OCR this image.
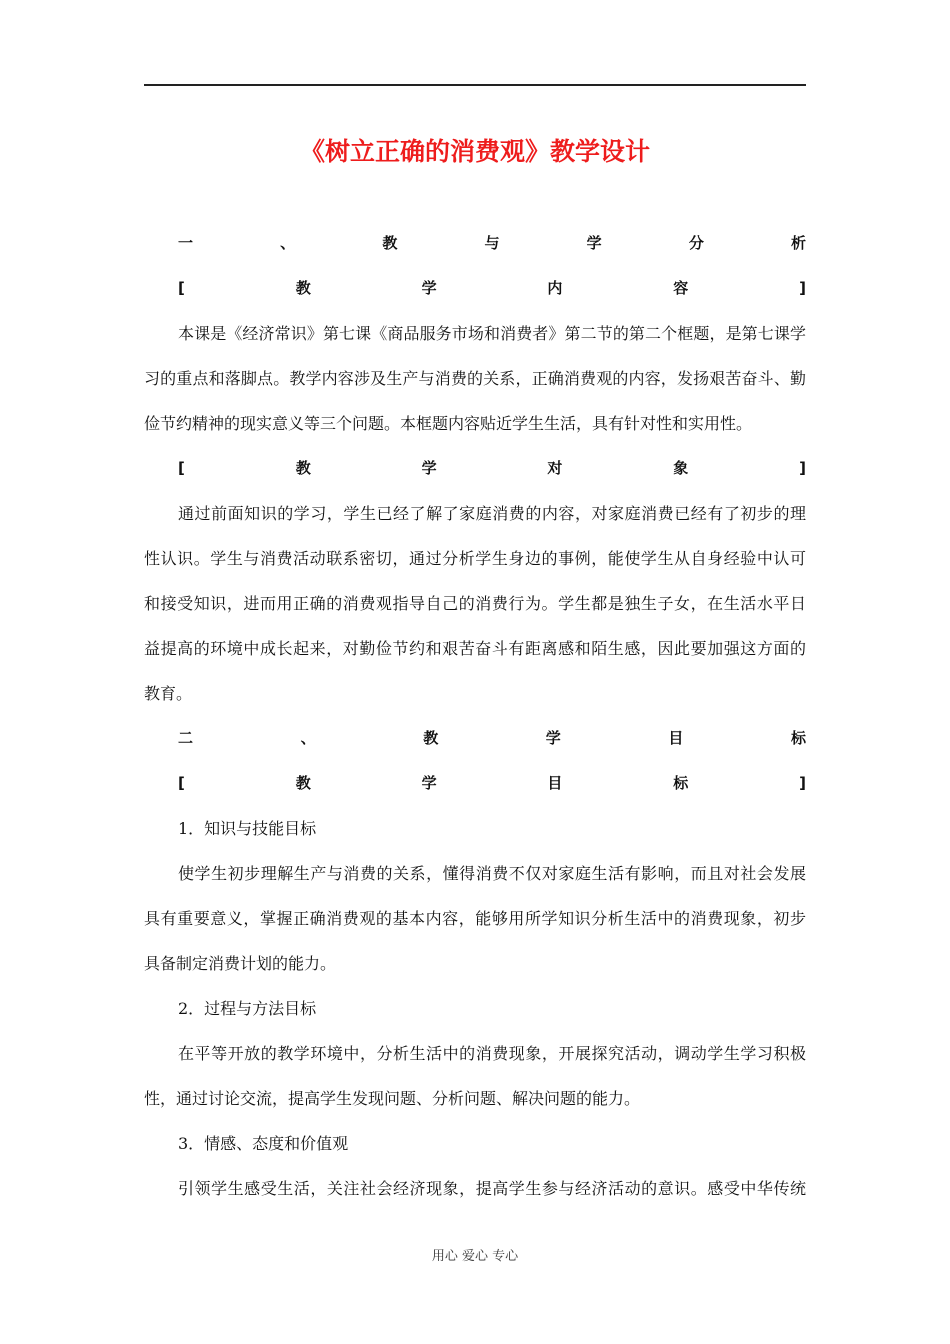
《树立正确的消费观》教学设计
一、教与学分析
[教学内容]
本课是《经济常识》第七课《商品服务市场和消费者》第二节的第二个框题，是第七课学
习的重点和落脚点。教学内容涉及生产与消费的关系，正确消费观的内容，发扬艰苦奋斗、勤
俭节约精神的现实意义等三个问题。本框题内容贴近学生生活，具有针对性和实用性。
[教学对象]
通过前面知识的学习，学生已经了解了家庭消费的内容，对家庭消费已经有了初步的理
性认识。学生与消费活动联系密切，通过分析学生身边的事例，能使学生从自身经验中认可
和接受知识，进而用正确的消费观指导自己的消费行为。学生都是独生子女，在生活水平日
益提高的环境中成长起来，对勤俭节约和艰苦奋斗有距离感和陌生感，因此要加强这方面的
教育。
二、教学目标
[教学目标]
1．知识与技能目标
使学生初步理解生产与消费的关系，懂得消费不仅对家庭生活有影响，而且对社会发展
具有重要意义，掌握正确消费观的基本内容，能够用所学知识分析生活中的消费现象，初步
具备制定消费计划的能力。
2．过程与方法目标
在平等开放的教学环境中，分析生活中的消费现象，开展探究活动，调动学生学习积极
性，通过讨论交流，提高学生发现问题、分析问题、解决问题的能力。
3．情感、态度和价值观
引领学生感受生活，关注社会经济现象，提高学生参与经济活动的意识。感受中华传统
用心 爱心 专心
